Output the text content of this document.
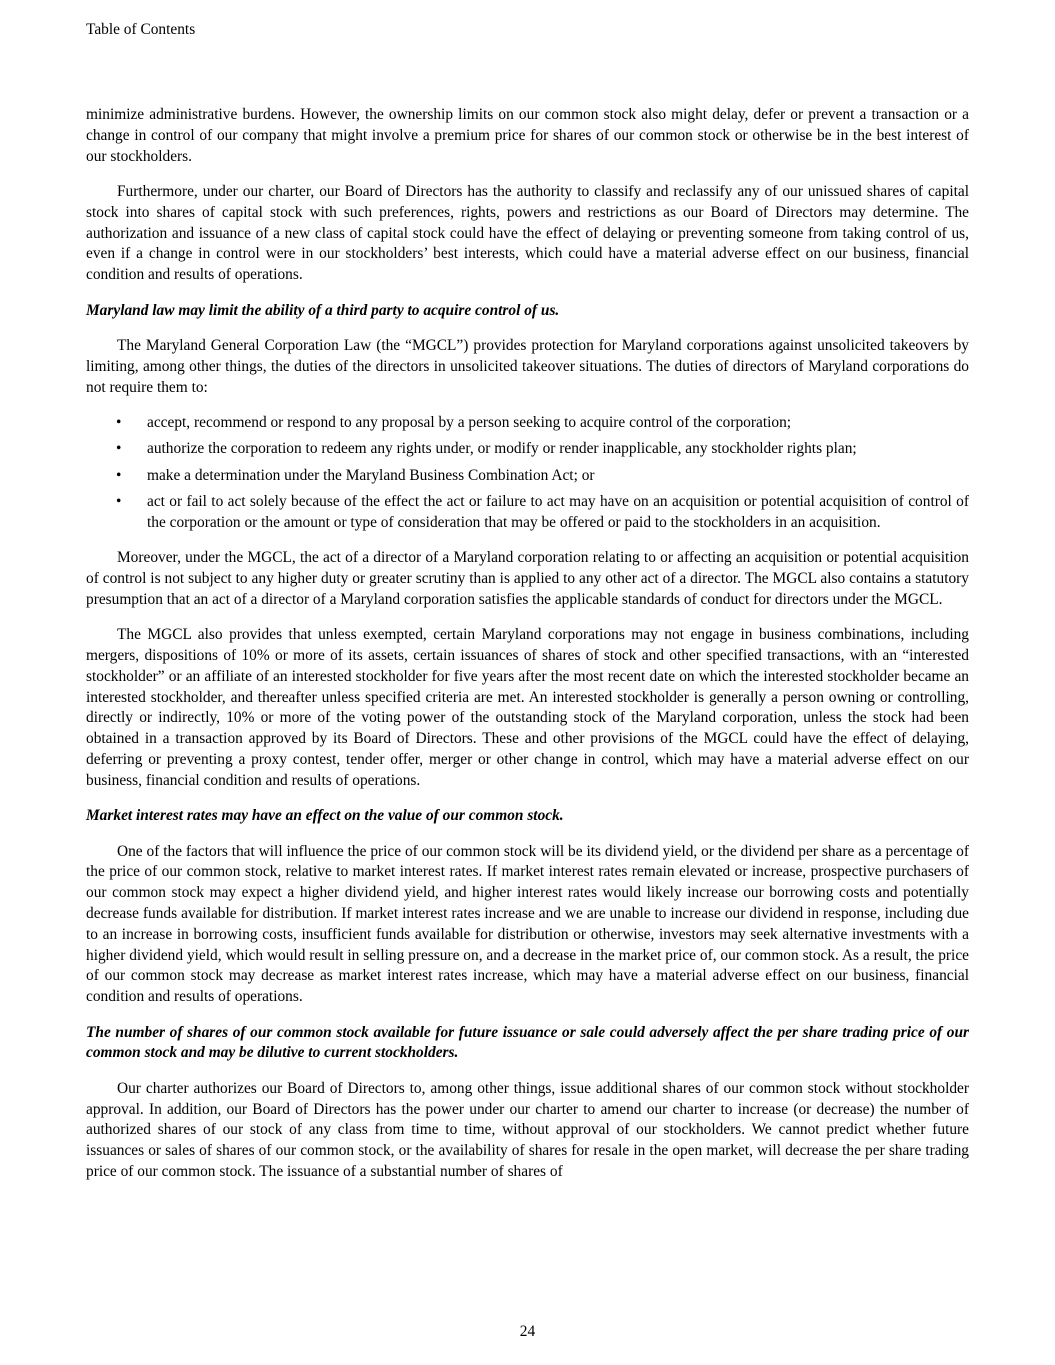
Table of Contents

minimize administrative burdens. However, the ownership limits on our common stock also might delay, defer or prevent a transaction or a change in control of our company that might involve a premium price for shares of our common stock or otherwise be in the best interest of our stockholders.

Furthermore, under our charter, our Board of Directors has the authority to classify and reclassify any of our unissued shares of capital stock into shares of capital stock with such preferences, rights, powers and restrictions as our Board of Directors may determine. The authorization and issuance of a new class of capital stock could have the effect of delaying or preventing someone from taking control of us, even if a change in control were in our stockholders’ best interests, which could have a material adverse effect on our business, financial condition and results of operations.

Maryland law may limit the ability of a third party to acquire control of us.

The Maryland General Corporation Law (the “MGCL”) provides protection for Maryland corporations against unsolicited takeovers by limiting, among other things, the duties of the directors in unsolicited takeover situations. The duties of directors of Maryland corporations do not require them to:

• accept, recommend or respond to any proposal by a person seeking to acquire control of the corporation;
• authorize the corporation to redeem any rights under, or modify or render inapplicable, any stockholder rights plan;
• make a determination under the Maryland Business Combination Act; or
• act or fail to act solely because of the effect the act or failure to act may have on an acquisition or potential acquisition of control of the corporation or the amount or type of consideration that may be offered or paid to the stockholders in an acquisition.

Moreover, under the MGCL, the act of a director of a Maryland corporation relating to or affecting an acquisition or potential acquisition of control is not subject to any higher duty or greater scrutiny than is applied to any other act of a director. The MGCL also contains a statutory presumption that an act of a director of a Maryland corporation satisfies the applicable standards of conduct for directors under the MGCL.

The MGCL also provides that unless exempted, certain Maryland corporations may not engage in business combinations, including mergers, dispositions of 10% or more of its assets, certain issuances of shares of stock and other specified transactions, with an “interested stockholder” or an affiliate of an interested stockholder for five years after the most recent date on which the interested stockholder became an interested stockholder, and thereafter unless specified criteria are met. An interested stockholder is generally a person owning or controlling, directly or indirectly, 10% or more of the voting power of the outstanding stock of the Maryland corporation, unless the stock had been obtained in a transaction approved by its Board of Directors. These and other provisions of the MGCL could have the effect of delaying, deferring or preventing a proxy contest, tender offer, merger or other change in control, which may have a material adverse effect on our business, financial condition and results of operations.

Market interest rates may have an effect on the value of our common stock.

One of the factors that will influence the price of our common stock will be its dividend yield, or the dividend per share as a percentage of the price of our common stock, relative to market interest rates. If market interest rates remain elevated or increase, prospective purchasers of our common stock may expect a higher dividend yield, and higher interest rates would likely increase our borrowing costs and potentially decrease funds available for distribution. If market interest rates increase and we are unable to increase our dividend in response, including due to an increase in borrowing costs, insufficient funds available for distribution or otherwise, investors may seek alternative investments with a higher dividend yield, which would result in selling pressure on, and a decrease in the market price of, our common stock. As a result, the price of our common stock may decrease as market interest rates increase, which may have a material adverse effect on our business, financial condition and results of operations.

The number of shares of our common stock available for future issuance or sale could adversely affect the per share trading price of our common stock and may be dilutive to current stockholders.

Our charter authorizes our Board of Directors to, among other things, issue additional shares of our common stock without stockholder approval. In addition, our Board of Directors has the power under our charter to amend our charter to increase (or decrease) the number of authorized shares of our stock of any class from time to time, without approval of our stockholders. We cannot predict whether future issuances or sales of shares of our common stock, or the availability of shares for resale in the open market, will decrease the per share trading price of our common stock. The issuance of a substantial number of shares of

24
